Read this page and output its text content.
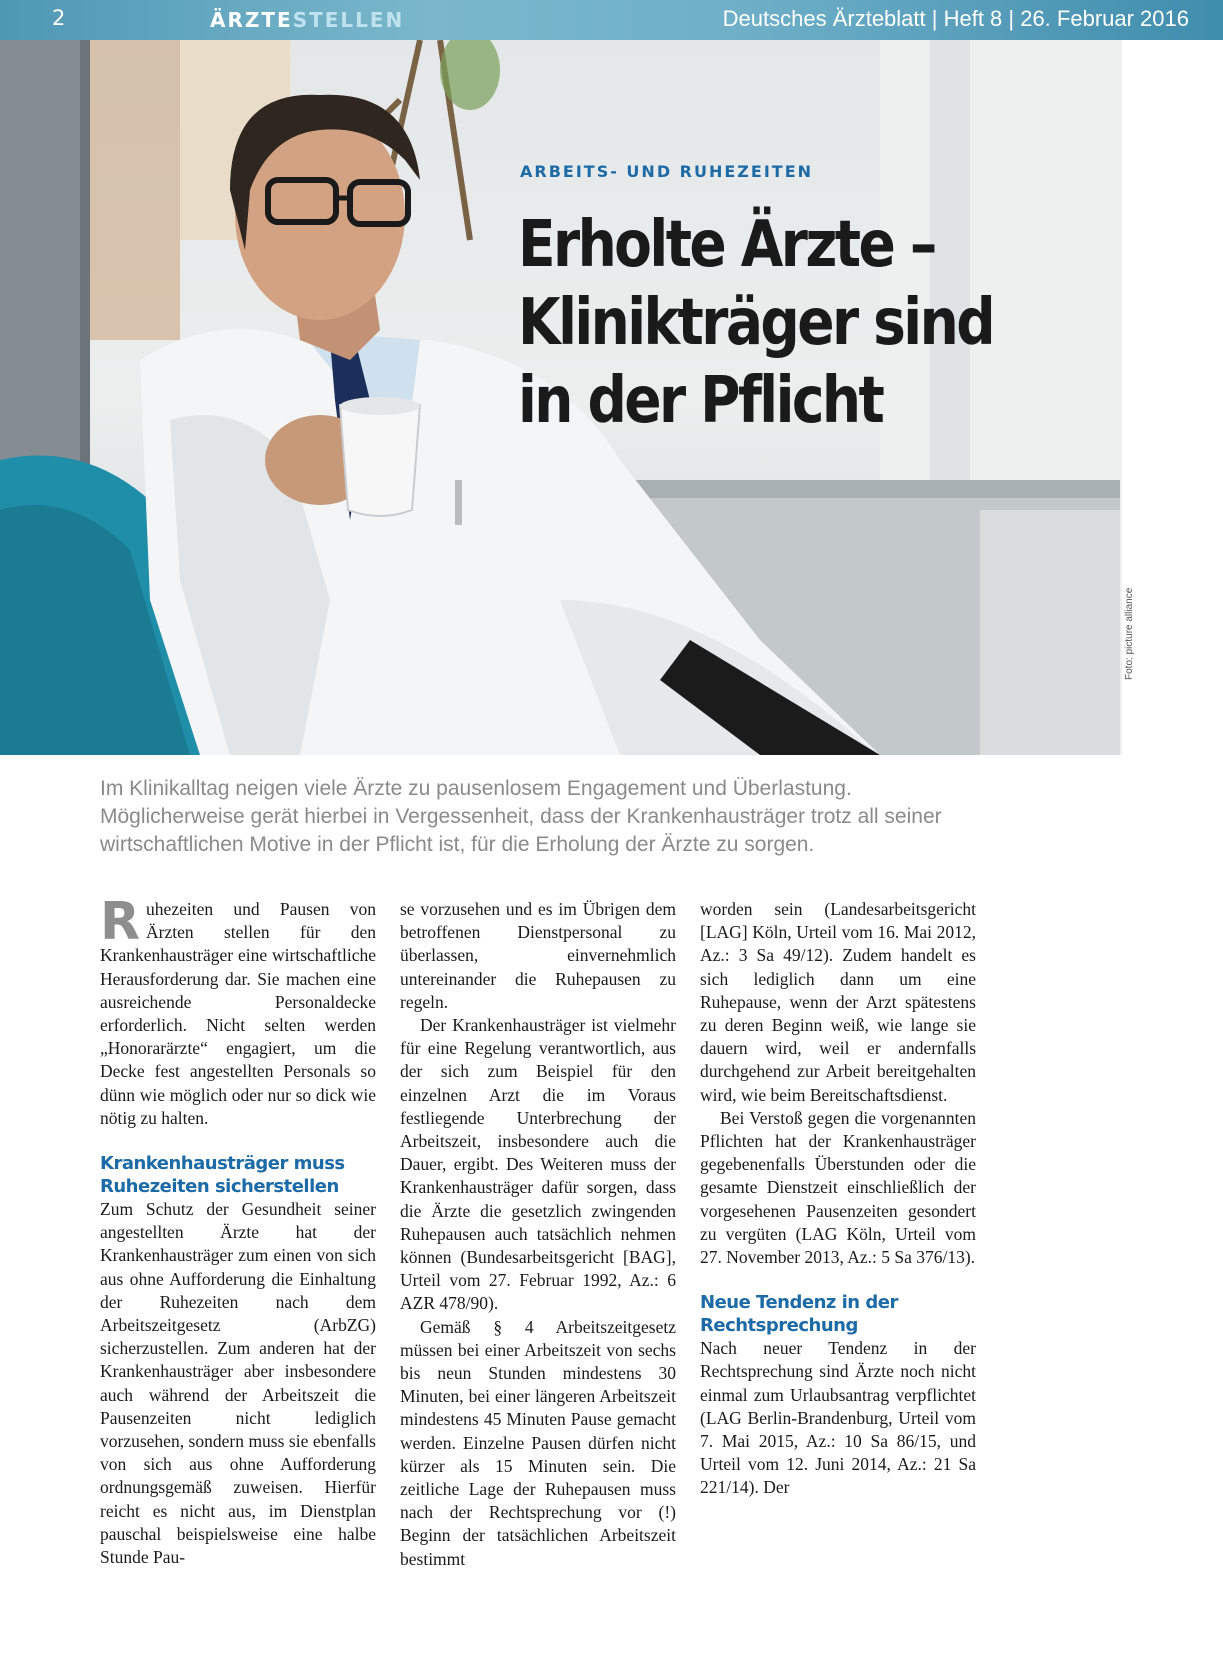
2	ÄRZTESTELLEN	Deutsches Ärzteblatt | Heft 8 | 26. Februar 2016
ARBEITS- UND RUHEZEITEN
Erholte Ärzte –
Klinikträger sind
in der Pflicht
Foto: picture alliance
Im Klinikalltag neigen viele Ärzte zu pausenlosem Engagement und Überlastung. Möglicherweise gerät hierbei in Vergessenheit, dass der Krankenhausträger trotz all seiner wirtschaftlichen Motive in der Pflicht ist, für die Erholung der Ärzte zu sorgen.

Ruhezeiten und Pausen von Ärzten stellen für den Krankenhausträger eine wirtschaftliche Herausforderung dar. Sie machen eine ausreichende Personaldecke erforderlich. Nicht selten werden „Honorarärzte“ engagiert, um die Decke fest angestellten Personals so dünn wie möglich oder nur so dick wie nötig zu halten.

Krankenhausträger muss Ruhezeiten sicherstellen

Zum Schutz der Gesundheit seiner angestellten Ärzte hat der Krankenhausträger zum einen von sich aus ohne Aufforderung die Einhaltung der Ruhezeiten nach dem Arbeitszeitgesetz (ArbZG) sicherzustellen. Zum anderen hat der Krankenhausträger aber insbesondere auch während der Arbeitszeit die Pausenzeiten nicht lediglich vorzusehen, sondern muss sie ebenfalls von sich aus ohne Aufforderung ordnungsgemäß zuweisen. Hierfür reicht es nicht aus, im Dienstplan pauschal beispielsweise eine halbe Stunde Pau-

se vorzusehen und es im Übrigen dem betroffenen Dienstpersonal zu überlassen, einvernehmlich untereinander die Ruhepausen zu regeln.

Der Krankenhausträger ist vielmehr für eine Regelung verantwortlich, aus der sich zum Beispiel für den einzelnen Arzt die im Voraus festliegende Unterbrechung der Arbeitszeit, insbesondere auch die Dauer, ergibt. Des Weiteren muss der Krankenhausträger dafür sorgen, dass die Ärzte die gesetzlich zwingenden Ruhepausen auch tatsächlich nehmen können (Bundesarbeitsgericht [BAG], Urteil vom 27. Februar 1992, Az.: 6 AZR 478/90).

Gemäß § 4 Arbeitszeitgesetz müssen bei einer Arbeitszeit von sechs bis neun Stunden mindestens 30 Minuten, bei einer längeren Arbeitszeit mindestens 45 Minuten Pause gemacht werden. Einzelne Pausen dürfen nicht kürzer als 15 Minuten sein. Die zeitliche Lage der Ruhepausen muss nach der Rechtsprechung vor (!) Beginn der tatsächlichen Arbeitszeit bestimmt

worden sein (Landesarbeitsgericht [LAG] Köln, Urteil vom 16. Mai 2012, Az.: 3 Sa 49/12). Zudem handelt es sich lediglich dann um eine Ruhepause, wenn der Arzt spätestens zu deren Beginn weiß, wie lange sie dauern wird, weil er andernfalls durchgehend zur Arbeit bereitgehalten wird, wie beim Bereitschaftsdienst.

Bei Verstoß gegen die vorgenannten Pflichten hat der Krankenhausträger gegebenenfalls Überstunden oder die gesamte Dienstzeit einschließlich der vorgesehenen Pausenzeiten gesondert zu vergüten (LAG Köln, Urteil vom 27. November 2013, Az.: 5 Sa 376/13).

Neue Tendenz in der Rechtsprechung

Nach neuer Tendenz in der Rechtsprechung sind Ärzte noch nicht einmal zum Urlaubsantrag verpflichtet (LAG Berlin-Brandenburg, Urteil vom 7. Mai 2015, Az.: 10 Sa 86/15, und Urteil vom 12. Juni 2014, Az.: 21 Sa 221/14). Der
